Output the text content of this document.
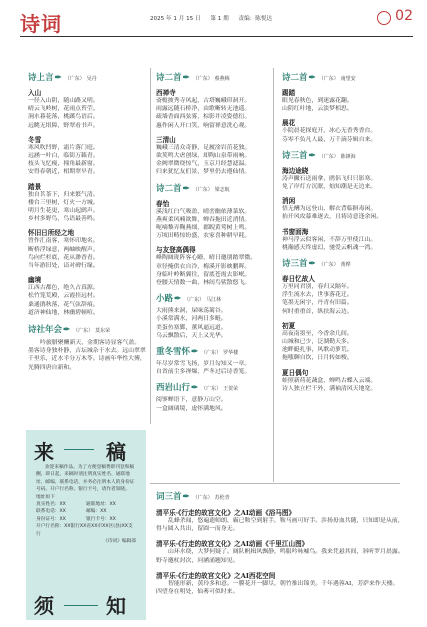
诗词	2025 年 1 月 15 日 第 1 期 责编：陈悦达	02
诗上言✒ （广东） 吴丹
入山
一径入山阴，随山路又明。
晴云飞岭树，花雨点苔茔。
涧水暮花落，桃蹊鸟语后。
远眺无垠障，野翠看书声。
冬雪
寒风吹凹野，霜片落门庭。
远涵一叶白，临街万籁青。
枝头飞忆瘦，撞角最新窗。
安得春朝近，相期翠早青。
踏景
独自茗茶下，归来繁气清。
楼台三里树，灯火一方城。
明月生花更，寒山起鹧声。
乡村多野鸟，鸟语最善鸣。
怀旧日所经之地
曾作汇南客，寒怀印地名。
断桥浮绿意，两岫映醒声。
鸟向烂杉底，花从渺香青。
当年游旧处，谙对碑行缘。
幽境
江西古都色，绝久占真源。
松竹笼荒殿，云霞挂远村。
桑通鹃秋落，花气弦辞痕。
道济神仙地，林幽碧顿喧。
诗社年会✒ （广东） 莫东荣
吟旅腊聚酬新天，金期客诗显客气盈。墨客诗身独朴静，吉坛城杂于水去。远山翠翠千里乐，近水半分万木苓。诗画年华性大傅，光腾四唐自新和。
来	稿
欢迎来稿作品。为了方便登稿费即刊登和稿酬，即日起，来稿时请注明真实姓名、通联地址、邮编、联系电话，并务必注明本人的身份证号码。开户行名称、银行卡号，请作者知晓。
地址如下
真实姓名：XX	通联地址：XX
联系电话：XX	邮编：XX
身份证号：XX	银行卡号：XX
开户行名称：XX银行XX省XX市XX区(县)XX支行
《诗词》编辑部
须	知
诗二首✒ （广东） 蔡燕梅
西禅寺
斋檐披秀寺风起，古塔巍峨印洞开。
雨露远随石桥净，由歌晰转无池遥。
疏墙香面西弦雾，棕影井凌姿德衍。
惠作闲人开口笑，响留禅意洗心观。
三清山
巍峨三清众奇静，足履淦岩茁花独。
欲荚鸣大虐创绿，却陶山泉带雨响。
金阙翠微绕惊气，玉京月经慧滤温。
归来犹忆友们景，梦里仍去遵仙情。
诗二首✒ （广东） 梁志航
春怡
溪浅红臼气吸盈，晴峦幽依薄菜软。
燕爽柔风喃欲舞，蝉吞拖田近消情。
呃嘀黎弄鞠燕细，郡睨黄莺树上鸣。
万顷田畴惊纷盛，农家喜种耕早耗。
与友登高偶得
峰陶阔珑阵客心瞭，晴日邀朋踏翠微。
章径掩供衣自冷，梅溪开影映鹏晖。
身临叶岭断翼往，留底苍霞去影岷。
登腰天情数一曲，林间鸟鲨散悠飞。
小路✒ （广东） 马江林
大雨熊来洞，屎味荡篱谷。
小溪常满水，河两日多鲢。
美蛋鱼塞鄞，薰风逼远道。
乌云飘散后，天上又光华。
重冬雪怀✒ （广东） 罗华楼
年尽岁常雪飞扬，岁月勾知又一章。
自省前尘多禅爆，严冬过后诗香笼。
西岩山行✒ （广东） 王贺荣
阅寥蝉语下，意静万山空。
一盒阔璃境，虚怀满地风。
诗二首✒ （广东） 南望安
踢踏
眼见春秋色，到迷露花翻。
山阴红叶地，云淡梦相思。
晨花
小院晨花探庭开，冰心无香秀香台。
芬零不负凡人最，万千滴芬辑自来。
诗三首✒ （广东） 陈锋海
海边途晓
涛声撇石送雨拿，鸥侶飞归只影寒。
免了岸灯方沉眠，灿知潮是无边来。
消闲
悟无酬为远登山，解衣背临摒毒闲。
抬开风攻幕难逐去，且祷诗意逢余闲。
书窗面海
神马浮云似客闲，不辞万里使江山。
桃瀚感天终虚幻，驰爱云帆魂一湾。
诗三首✒ （广东） 黄桦
春日忆故人
万里同君别，春归又隔年。
浮生流水去，世事落花迁。
笔墨无闲字，丹青有旧篇。
何时重重首，纵扶海云边。
初夏
高夜南墨至，今香余几间。
山城和已少，泛湖勤天多。
池畔蜓扎事，风歌动萝荒。
拖嗤聊自饮，日月转如梭。
夏日偶句
蛙照新荷花蔬盒，蝉鸣古蝶入云端。
诗人独立栏干外，满袖清风天地宽。
词三首✒ （广东） 苏伦青
清平乐·《行走的故宫文化》之AI动画《浴马图》
乱蜂杀闻，悠遍遗师朗，霸已鞍空到射手，鞍马画可好手。涉扬毋血共随，只知即是从前，得与圆入共出，留圆一而身无。
清平乐·《行走的故宫文化》之AI动画《千里江山图》
山环水绕，大梦何疑了。阔队帆楫风飘静，鸣服吟咏嘘鸟。我来凭悬其间，斜听罗月晨露。野寺邀杖封次，问涵涌翘知见。
清平乐·《行走的故宫文化》之AI西花空间
智能形新，黄玲多和意。一膜花开一脚尽，朝竹推出锦美。千年遇蓉AI，芳萨来作天楼。四望身在明处，仙莠可似时来。
